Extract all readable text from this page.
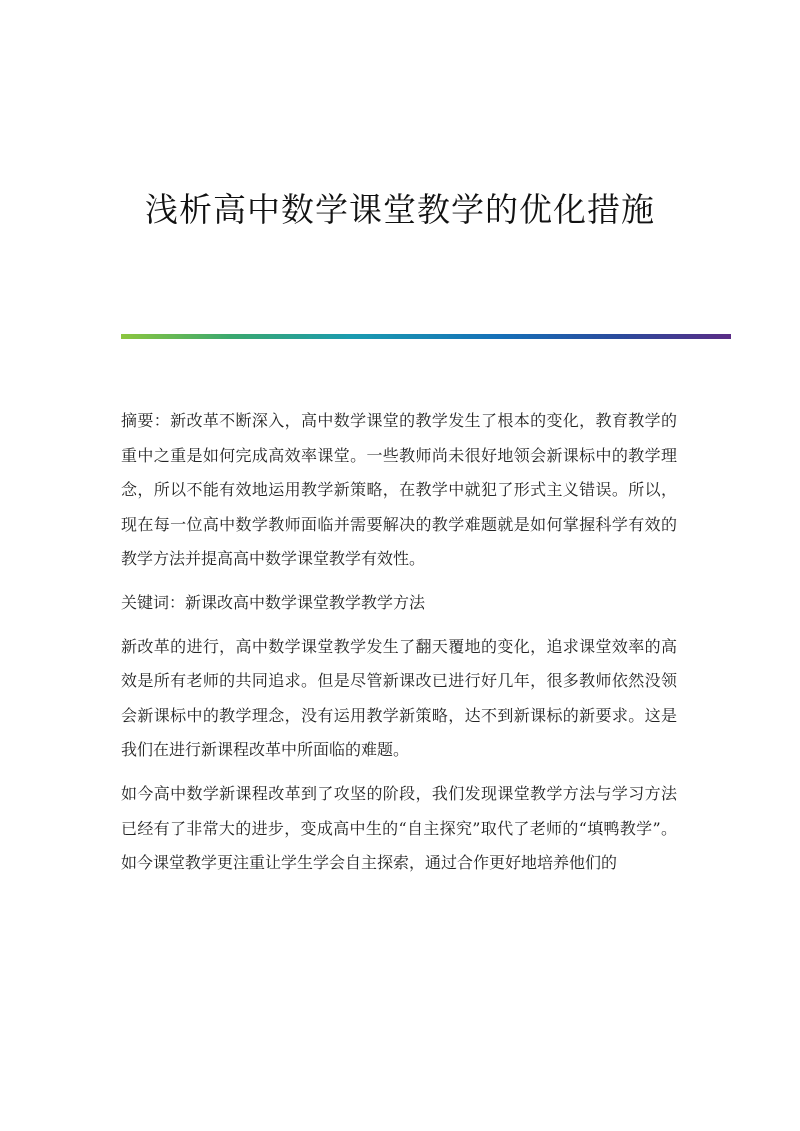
浅析高中数学课堂教学的优化措施

摘要：新改革不断深入，高中数学课堂的教学发生了根本的变化，教育教学的重中之重是如何完成高效率课堂。一些教师尚未很好地领会新课标中的教学理念，所以不能有效地运用教学新策略，在教学中就犯了形式主义错误。所以，现在每一位高中数学教师面临并需要解决的教学难题就是如何掌握科学有效的教学方法并提高高中数学课堂教学有效性。

关键词：新课改高中数学课堂教学教学方法

新改革的进行，高中数学课堂教学发生了翻天覆地的变化，追求课堂效率的高效是所有老师的共同追求。但是尽管新课改已进行好几年，很多教师依然没领会新课标中的教学理念，没有运用教学新策略，达不到新课标的新要求。这是我们在进行新课程改革中所面临的难题。

如今高中数学新课程改革到了攻坚的阶段，我们发现课堂教学方法与学习方法已经有了非常大的进步，变成高中生的“自主探究”取代了老师的“填鸭教学”。如今课堂教学更注重让学生学会自主探索，通过合作更好地培养他们的
